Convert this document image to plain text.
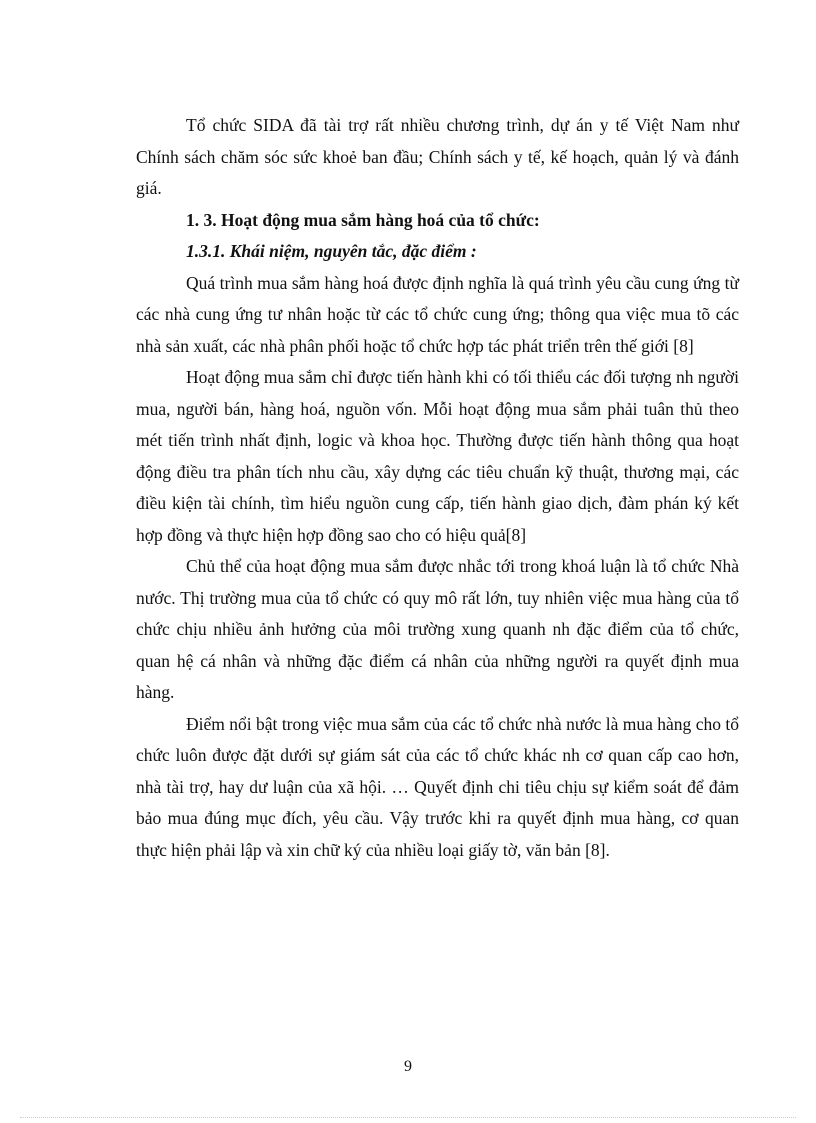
Tổ chức SIDA đã tài trợ rất nhiều chương trình, dự án y tế Việt Nam như Chính sách chăm sóc sức khoẻ ban đầu; Chính sách y tế, kế hoạch, quản lý và đánh giá.

1. 3. Hoạt động mua sắm hàng hoá của tổ chức:

1.3.1. Khái niệm, nguyên tắc, đặc điểm :

Quá trình mua sắm hàng hoá được định nghĩa là quá trình yêu cầu cung ứng từ các nhà cung ứng tư nhân hoặc từ các tổ chức cung ứng; thông qua việc mua tõ các nhà sản xuất, các nhà phân phối hoặc tổ chức hợp tác phát triển trên thế giới [8]

Hoạt động mua sắm chỉ được tiến hành khi có tối thiểu các đối tượng nh người mua, người bán, hàng hoá, nguồn vốn. Mỗi hoạt động mua sắm phải tuân thủ theo mét tiến trình nhất định, logic và khoa học. Thường được tiến hành thông qua hoạt động điều tra phân tích nhu cầu, xây dựng các tiêu chuẩn kỹ thuật, thương mại, các điều kiện tài chính, tìm hiểu nguồn cung cấp, tiến hành giao dịch, đàm phán ký kết hợp đồng và thực hiện hợp đồng sao cho có hiệu quả[8]

Chủ thể của hoạt động mua sắm được nhắc tới trong khoá luận là tổ chức Nhà nước. Thị trường mua của tổ chức có quy mô rất lớn, tuy nhiên việc mua hàng của tổ chức chịu nhiều ảnh hưởng của môi trường xung quanh nh đặc điểm của tổ chức, quan hệ cá nhân và những đặc điểm cá nhân của những người ra quyết định mua hàng.

Điểm nổi bật trong việc mua sắm của các tổ chức nhà nước là mua hàng cho tổ chức luôn được đặt dưới sự giám sát của các tổ chức khác nh cơ quan cấp cao hơn, nhà tài trợ, hay dư luận của xã hội. … Quyết định chi tiêu chịu sự kiểm soát để đảm bảo mua đúng mục đích, yêu cầu. Vậy trước khi ra quyết định mua hàng, cơ quan thực hiện phải lập và xin chữ ký của nhiều loại giấy tờ, văn bản [8].

9
